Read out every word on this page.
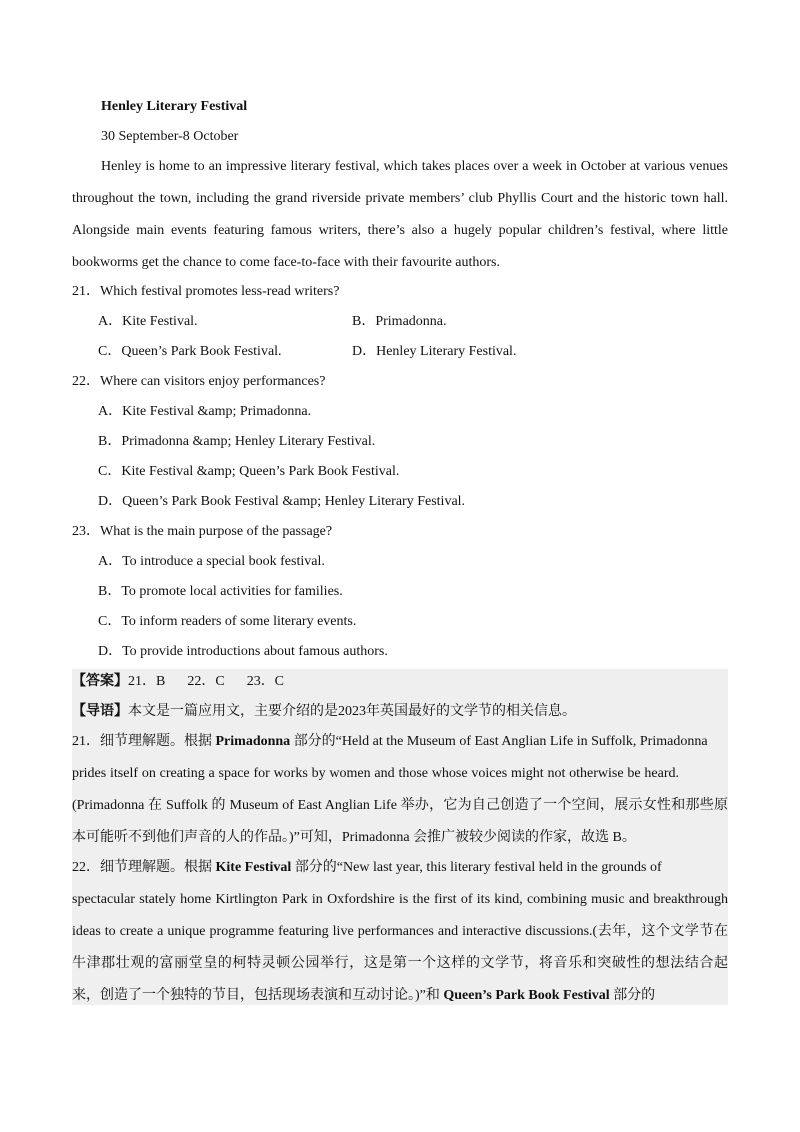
Henley Literary Festival
30 September-8 October
Henley is home to an impressive literary festival, which takes places over a week in October at various venues
throughout the town, including the grand riverside private members’ club Phyllis Court and the historic town hall.
Alongside main events featuring famous writers, there’s also a hugely popular children’s festival, where little
bookworms get the chance to come face-to-face with their favourite authors.
21．Which festival promotes less-read writers?
A．Kite Festival.	B．Primadonna.
C．Queen’s Park Book Festival.	D．Henley Literary Festival.
22．Where can visitors enjoy performances?
A．Kite Festival &amp; Primadonna.
B．Primadonna &amp; Henley Literary Festival.
C．Kite Festival &amp; Queen’s Park Book Festival.
D．Queen’s Park Book Festival &amp; Henley Literary Festival.
23．What is the main purpose of the passage?
A．To introduce a special book festival.
B．To promote local activities for families.
C．To inform readers of some literary events.
D．To provide introductions about famous authors.
【答案】21．B 22．C 23．C
【导语】本文是一篇应用文，主要介绍的是2023年英国最好的文学节的相关信息。
21．细节理解题。根据 Primadonna 部分的“Held at the Museum of East Anglian Life in Suffolk, Primadonna
prides itself on creating a space for works by women and those whose voices might not otherwise be heard.
(Primadonna 在 Suffolk 的 Museum of East Anglian Life 举办，它为自己创造了一个空间，展示女性和那些原
本可能听不到他们声音的人的作品。)”可知，Primadonna 会推广被较少阅读的作家，故选 B。
22．细节理解题。根据 Kite Festival 部分的“New last year, this literary festival held in the grounds of
spectacular stately home Kirtlington Park in Oxfordshire is the first of its kind, combining music and breakthrough
ideas to create a unique programme featuring live performances and interactive discussions.(去年，这个文学节在
牛津郡壮观的富丽堂皇的柯特灵顿公园举行，这是第一个这样的文学节，将音乐和突破性的想法结合起
来，创造了一个独特的节目，包括现场表演和互动讨论。)”和 Queen’s Park Book Festival 部分的
